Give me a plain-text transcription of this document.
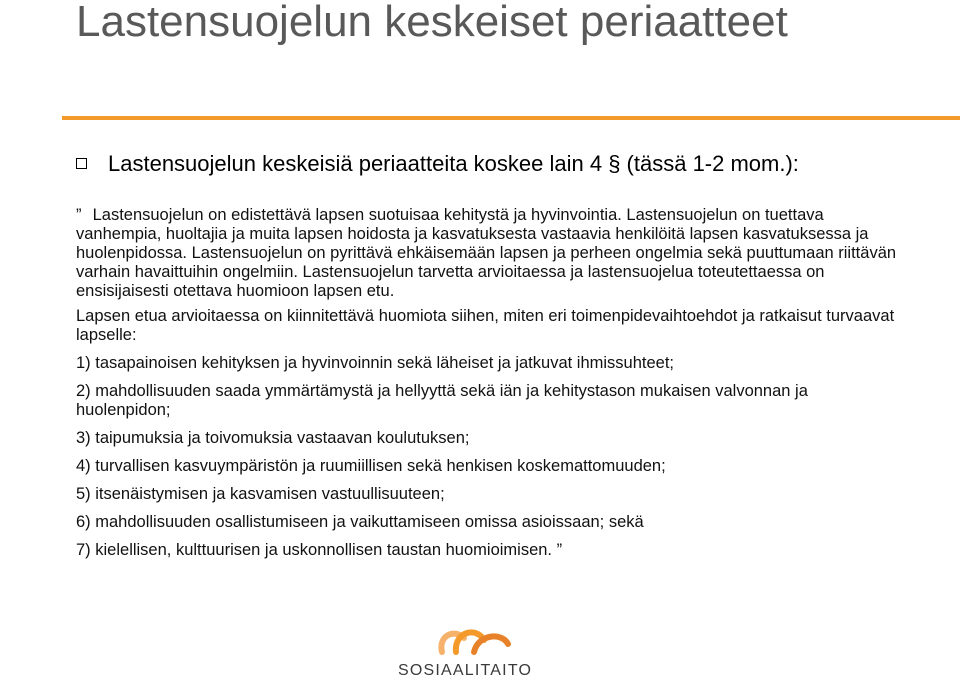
Lastensuojelun keskeiset periaatteet
Lastensuojelun keskeisiä periaatteita koskee lain 4 § (tässä 1-2 mom.):

” Lastensuojelun on edistettävä lapsen suotuisaa kehitystä ja hyvinvointia. Lastensuojelun on tuettava vanhempia, huoltajia ja muita lapsen hoidosta ja kasvatuksesta vastaavia henkilöitä lapsen kasvatuksessa ja huolenpidossa. Lastensuojelun on pyrittävä ehkäisemään lapsen ja perheen ongelmia sekä puuttumaan riittävän varhain havaittuihin ongelmiin. Lastensuojelun tarvetta arvioitaessa ja lastensuojelua toteutettaessa on ensisijaisesti otettava huomioon lapsen etu.

Lapsen etua arvioitaessa on kiinnitettävä huomiota siihen, miten eri toimenpidevaihtoehdot ja ratkaisut turvaavat lapselle:

1) tasapainoisen kehityksen ja hyvinvoinnin sekä läheiset ja jatkuvat ihmissuhteet;
2) mahdollisuuden saada ymmärtämystä ja hellyyttä sekä iän ja kehitystason mukaisen valvonnan ja huolenpidon;
3) taipumuksia ja toivomuksia vastaavan koulutuksen;
4) turvallisen kasvuympäristön ja ruumiillisen sekä henkisen koskemattomuuden;
5) itsenäistymisen ja kasvamisen vastuullisuuteen;
6) mahdollisuuden osallistumiseen ja vaikuttamiseen omissa asioissaan; sekä
7) kielellisen, kulttuurisen ja uskonnollisen taustan huomioimisen. ”
SOSIAALITAITO
